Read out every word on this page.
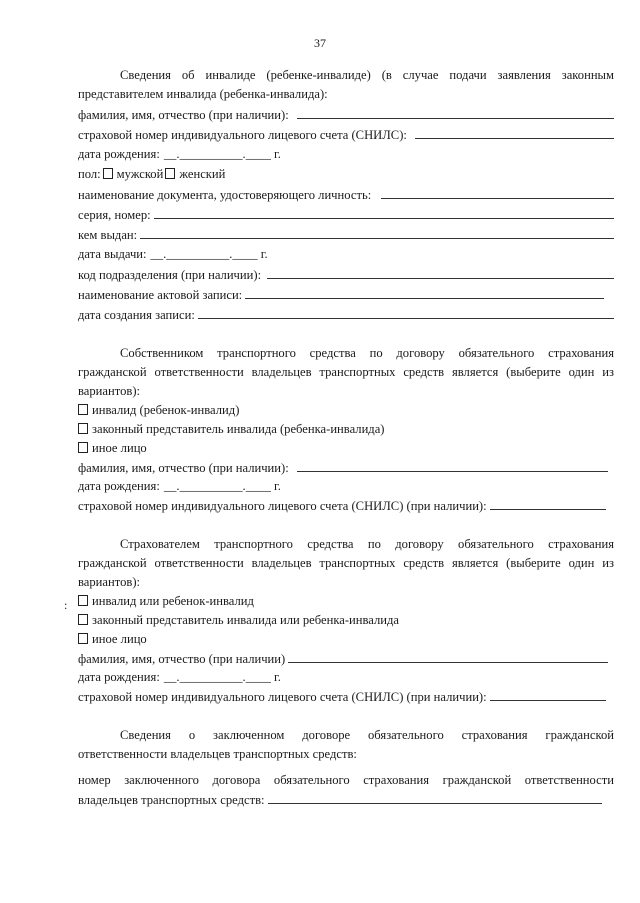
37
Сведения об инвалиде (ребенке-инвалиде) (в случае подачи заявления законным
представителем инвалида (ребенка-инвалида):
фамилия, имя, отчество (при наличии):
страховой номер индивидуального лицевого счета (СНИЛС):
дата рождения: __.__________.____ г.
пол: мужской женский
наименование документа, удостоверяющего личность:
серия, номер:
кем выдан:
дата выдачи: __.__________.____ г.
код подразделения (при наличии):
наименование актовой записи:
дата создания записи:
Собственником транспортного средства по договору обязательного страхования
гражданской ответственности владельцев транспортных средств является (выберите один из
вариантов):
инвалид (ребенок-инвалид)
законный представитель инвалида (ребенка-инвалида)
иное лицо
фамилия, имя, отчество (при наличии):
дата рождения: __.__________.____ г.
страховой номер индивидуального лицевого счета (СНИЛС) (при наличии):
Страхователем транспортного средства по договору обязательного страхования
гражданской ответственности владельцев транспортных средств является (выберите один из
вариантов):
инвалид или ребенок-инвалид
законный представитель инвалида или ребенка-инвалида
иное лицо
фамилия, имя, отчество (при наличии)
дата рождения: __.__________.____ г.
страховой номер индивидуального лицевого счета (СНИЛС) (при наличии):
Сведения о заключенном договоре обязательного страхования гражданской
ответственности владельцев транспортных средств:
номер заключенного договора обязательного страхования гражданской ответственности
владельцев транспортных средств:
:
